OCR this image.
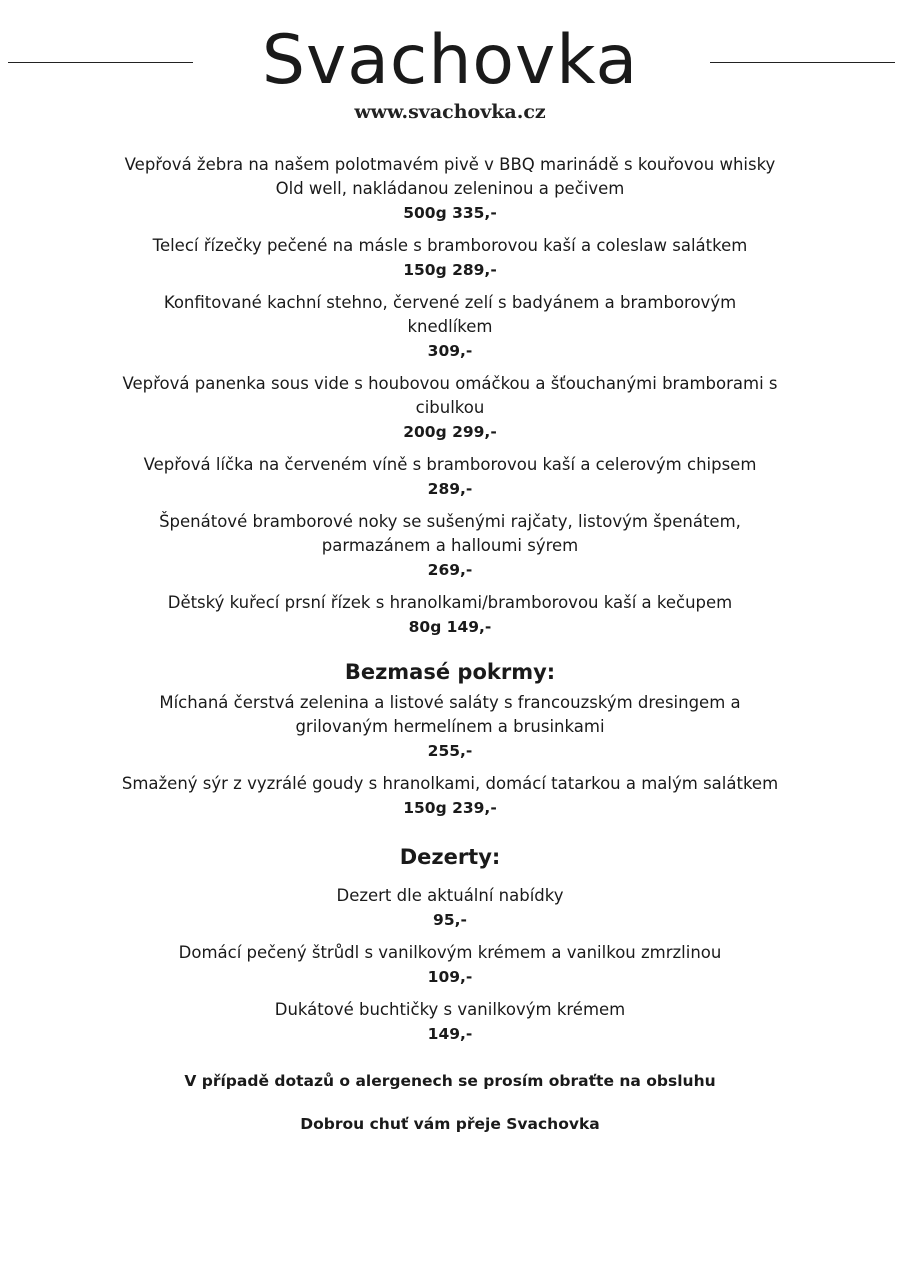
Svachovka
www.svachovka.cz
Vepřová žebra na našem polotmavém pivě v BBQ marinádě s kouřovou whisky Old well, nakládanou zeleninou a pečivem
500g 335,-
Telecí řízečky pečené na másle s bramborovou kaší a coleslaw salátkem
150g 289,-
Konfitované kachní stehno, červené zelí s badyánem a bramborovým knedlíkem
309,-
Vepřová panenka sous vide s houbovou omáčkou a šťouchanými bramborami s cibulkou
200g 299,-
Vepřová líčka na červeném víně s bramborovou kaší a celerovým chipsem
289,-
Špenátové bramborové noky se sušenými rajčaty, listovým špenátem, parmazánem a halloumi sýrem
269,-
Dětský kuřecí prsní řízek s hranolkami/bramborovou kaší a kečupem
80g 149,-
Bezmasé pokrmy:
Míchaná čerstvá zelenina a listové saláty s francouzským dresingem a grilovaným hermelínem a brusinkami
255,-
Smažený sýr z vyzrálé goudy s hranolkami, domácí tatarkou a malým salátkem
150g 239,-
Dezerty:
Dezert dle aktuální nabídky
95,-
Domácí pečený štrůdl s vanilkovým krémem a vanilkou zmrzlinou
109,-
Dukátové buchtičky s vanilkovým krémem
149,-
V případě dotazů o alergenech se prosím obraťte na obsluhu
Dobrou chuť vám přeje Svachovka
